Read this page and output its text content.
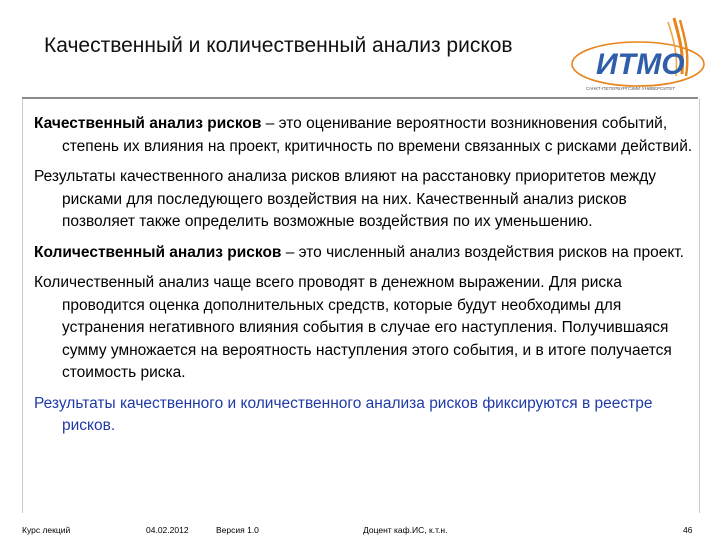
Качественный и количественный анализ рисков
ИТМО
САНКТ-ПЕТЕРБУРГСКИЙ УНИВЕРСИТЕТ

Качественный анализ рисков – это оценивание вероятности возникновения событий, степень их влияния на проект, критичность по времени связанных с рисками действий.

Результаты качественного анализа рисков влияют на расстановку приоритетов между рисками для последующего воздействия на них. Качественный анализ рисков позволяет также определить возможные воздействия по их уменьшению.

Количественный анализ рисков – это численный анализ воздействия рисков на проект.

Количественный анализ чаще всего проводят в денежном выражении. Для риска проводится оценка дополнительных средств, которые будут необходимы для устранения негативного влияния события в случае его наступления. Получившаяся сумму умножается на вероятность наступления этого события, и в итоге получается стоимость риска.

Результаты качественного и количественного анализа рисков фиксируются в реестре рисков.

Курс лекций	04.02.2012	Версия 1.0	Доцент каф.ИС, к.т.н.	46
